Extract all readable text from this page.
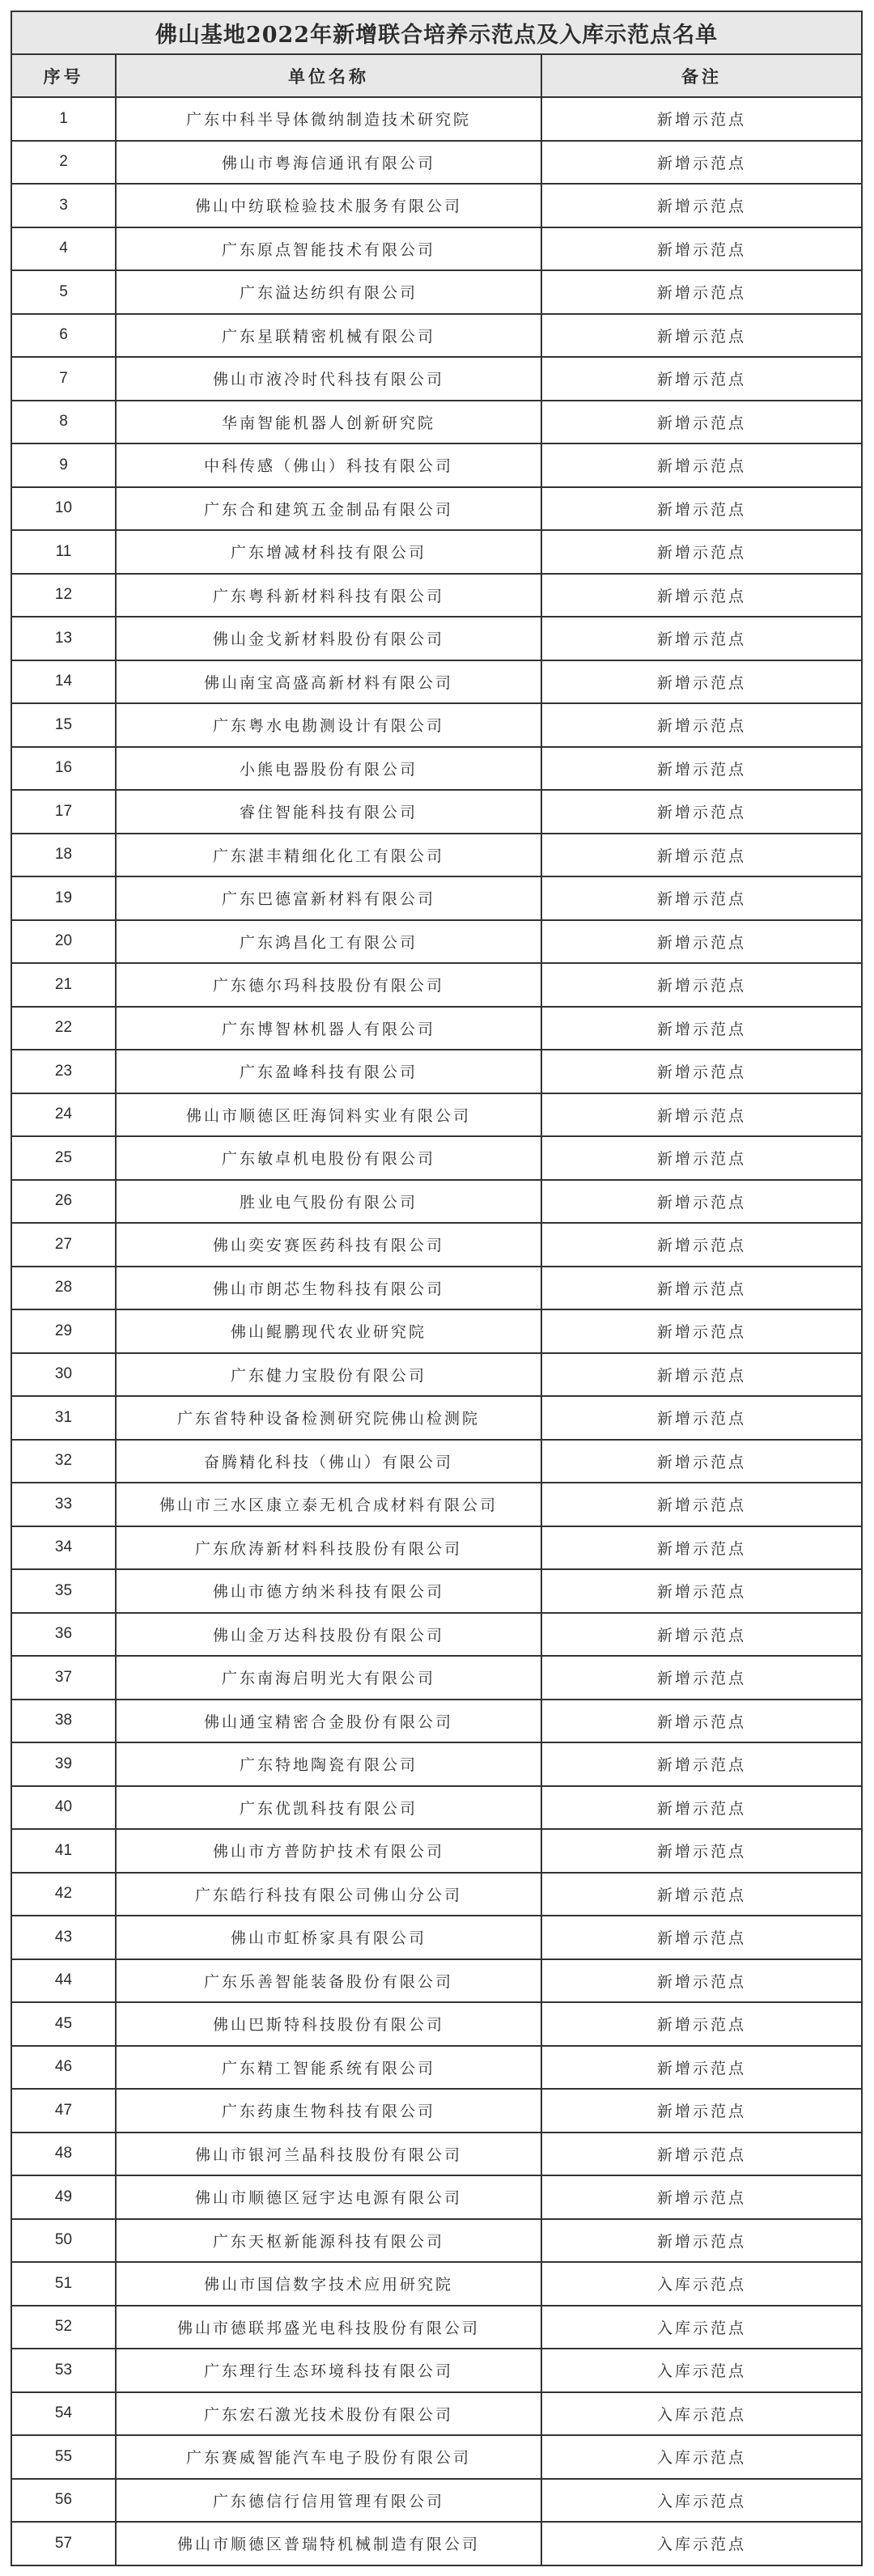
佛山基地2022年新增联合培养示范点及入库示范点名单		
序号	单位名称	备注
1	广东中科半导体微纳制造技术研究院	新增示范点
2	佛山市粤海信通讯有限公司	新增示范点
3	佛山中纺联检验技术服务有限公司	新增示范点
4	广东原点智能技术有限公司	新增示范点
5	广东溢达纺织有限公司	新增示范点
6	广东星联精密机械有限公司	新增示范点
7	佛山市液冷时代科技有限公司	新增示范点
8	华南智能机器人创新研究院	新增示范点
9	中科传感（佛山）科技有限公司	新增示范点
10	广东合和建筑五金制品有限公司	新增示范点
11	广东增减材科技有限公司	新增示范点
12	广东粤科新材料科技有限公司	新增示范点
13	佛山金戈新材料股份有限公司	新增示范点
14	佛山南宝高盛高新材料有限公司	新增示范点
15	广东粤水电勘测设计有限公司	新增示范点
16	小熊电器股份有限公司	新增示范点
17	睿住智能科技有限公司	新增示范点
18	广东湛丰精细化化工有限公司	新增示范点
19	广东巴德富新材料有限公司	新增示范点
20	广东鸿昌化工有限公司	新增示范点
21	广东德尔玛科技股份有限公司	新增示范点
22	广东博智林机器人有限公司	新增示范点
23	广东盈峰科技有限公司	新增示范点
24	佛山市顺德区旺海饲料实业有限公司	新增示范点
25	广东敏卓机电股份有限公司	新增示范点
26	胜业电气股份有限公司	新增示范点
27	佛山奕安赛医药科技有限公司	新增示范点
28	佛山市朗芯生物科技有限公司	新增示范点
29	佛山鲲鹏现代农业研究院	新增示范点
30	广东健力宝股份有限公司	新增示范点
31	广东省特种设备检测研究院佛山检测院	新增示范点
32	奋腾精化科技（佛山）有限公司	新增示范点
33	佛山市三水区康立泰无机合成材料有限公司	新增示范点
34	广东欣涛新材料科技股份有限公司	新增示范点
35	佛山市德方纳米科技有限公司	新增示范点
36	佛山金万达科技股份有限公司	新增示范点
37	广东南海启明光大有限公司	新增示范点
38	佛山通宝精密合金股份有限公司	新增示范点
39	广东特地陶瓷有限公司	新增示范点
40	广东优凯科技有限公司	新增示范点
41	佛山市方普防护技术有限公司	新增示范点
42	广东皓行科技有限公司佛山分公司	新增示范点
43	佛山市虹桥家具有限公司	新增示范点
44	广东乐善智能装备股份有限公司	新增示范点
45	佛山巴斯特科技股份有限公司	新增示范点
46	广东精工智能系统有限公司	新增示范点
47	广东药康生物科技有限公司	新增示范点
48	佛山市银河兰晶科技股份有限公司	新增示范点
49	佛山市顺德区冠宇达电源有限公司	新增示范点
50	广东天枢新能源科技有限公司	新增示范点
51	佛山市国信数字技术应用研究院	入库示范点
52	佛山市德联邦盛光电科技股份有限公司	入库示范点
53	广东理行生态环境科技有限公司	入库示范点
54	广东宏石激光技术股份有限公司	入库示范点
55	广东赛威智能汽车电子股份有限公司	入库示范点
56	广东德信行信用管理有限公司	入库示范点
57	佛山市顺德区普瑞特机械制造有限公司	入库示范点
